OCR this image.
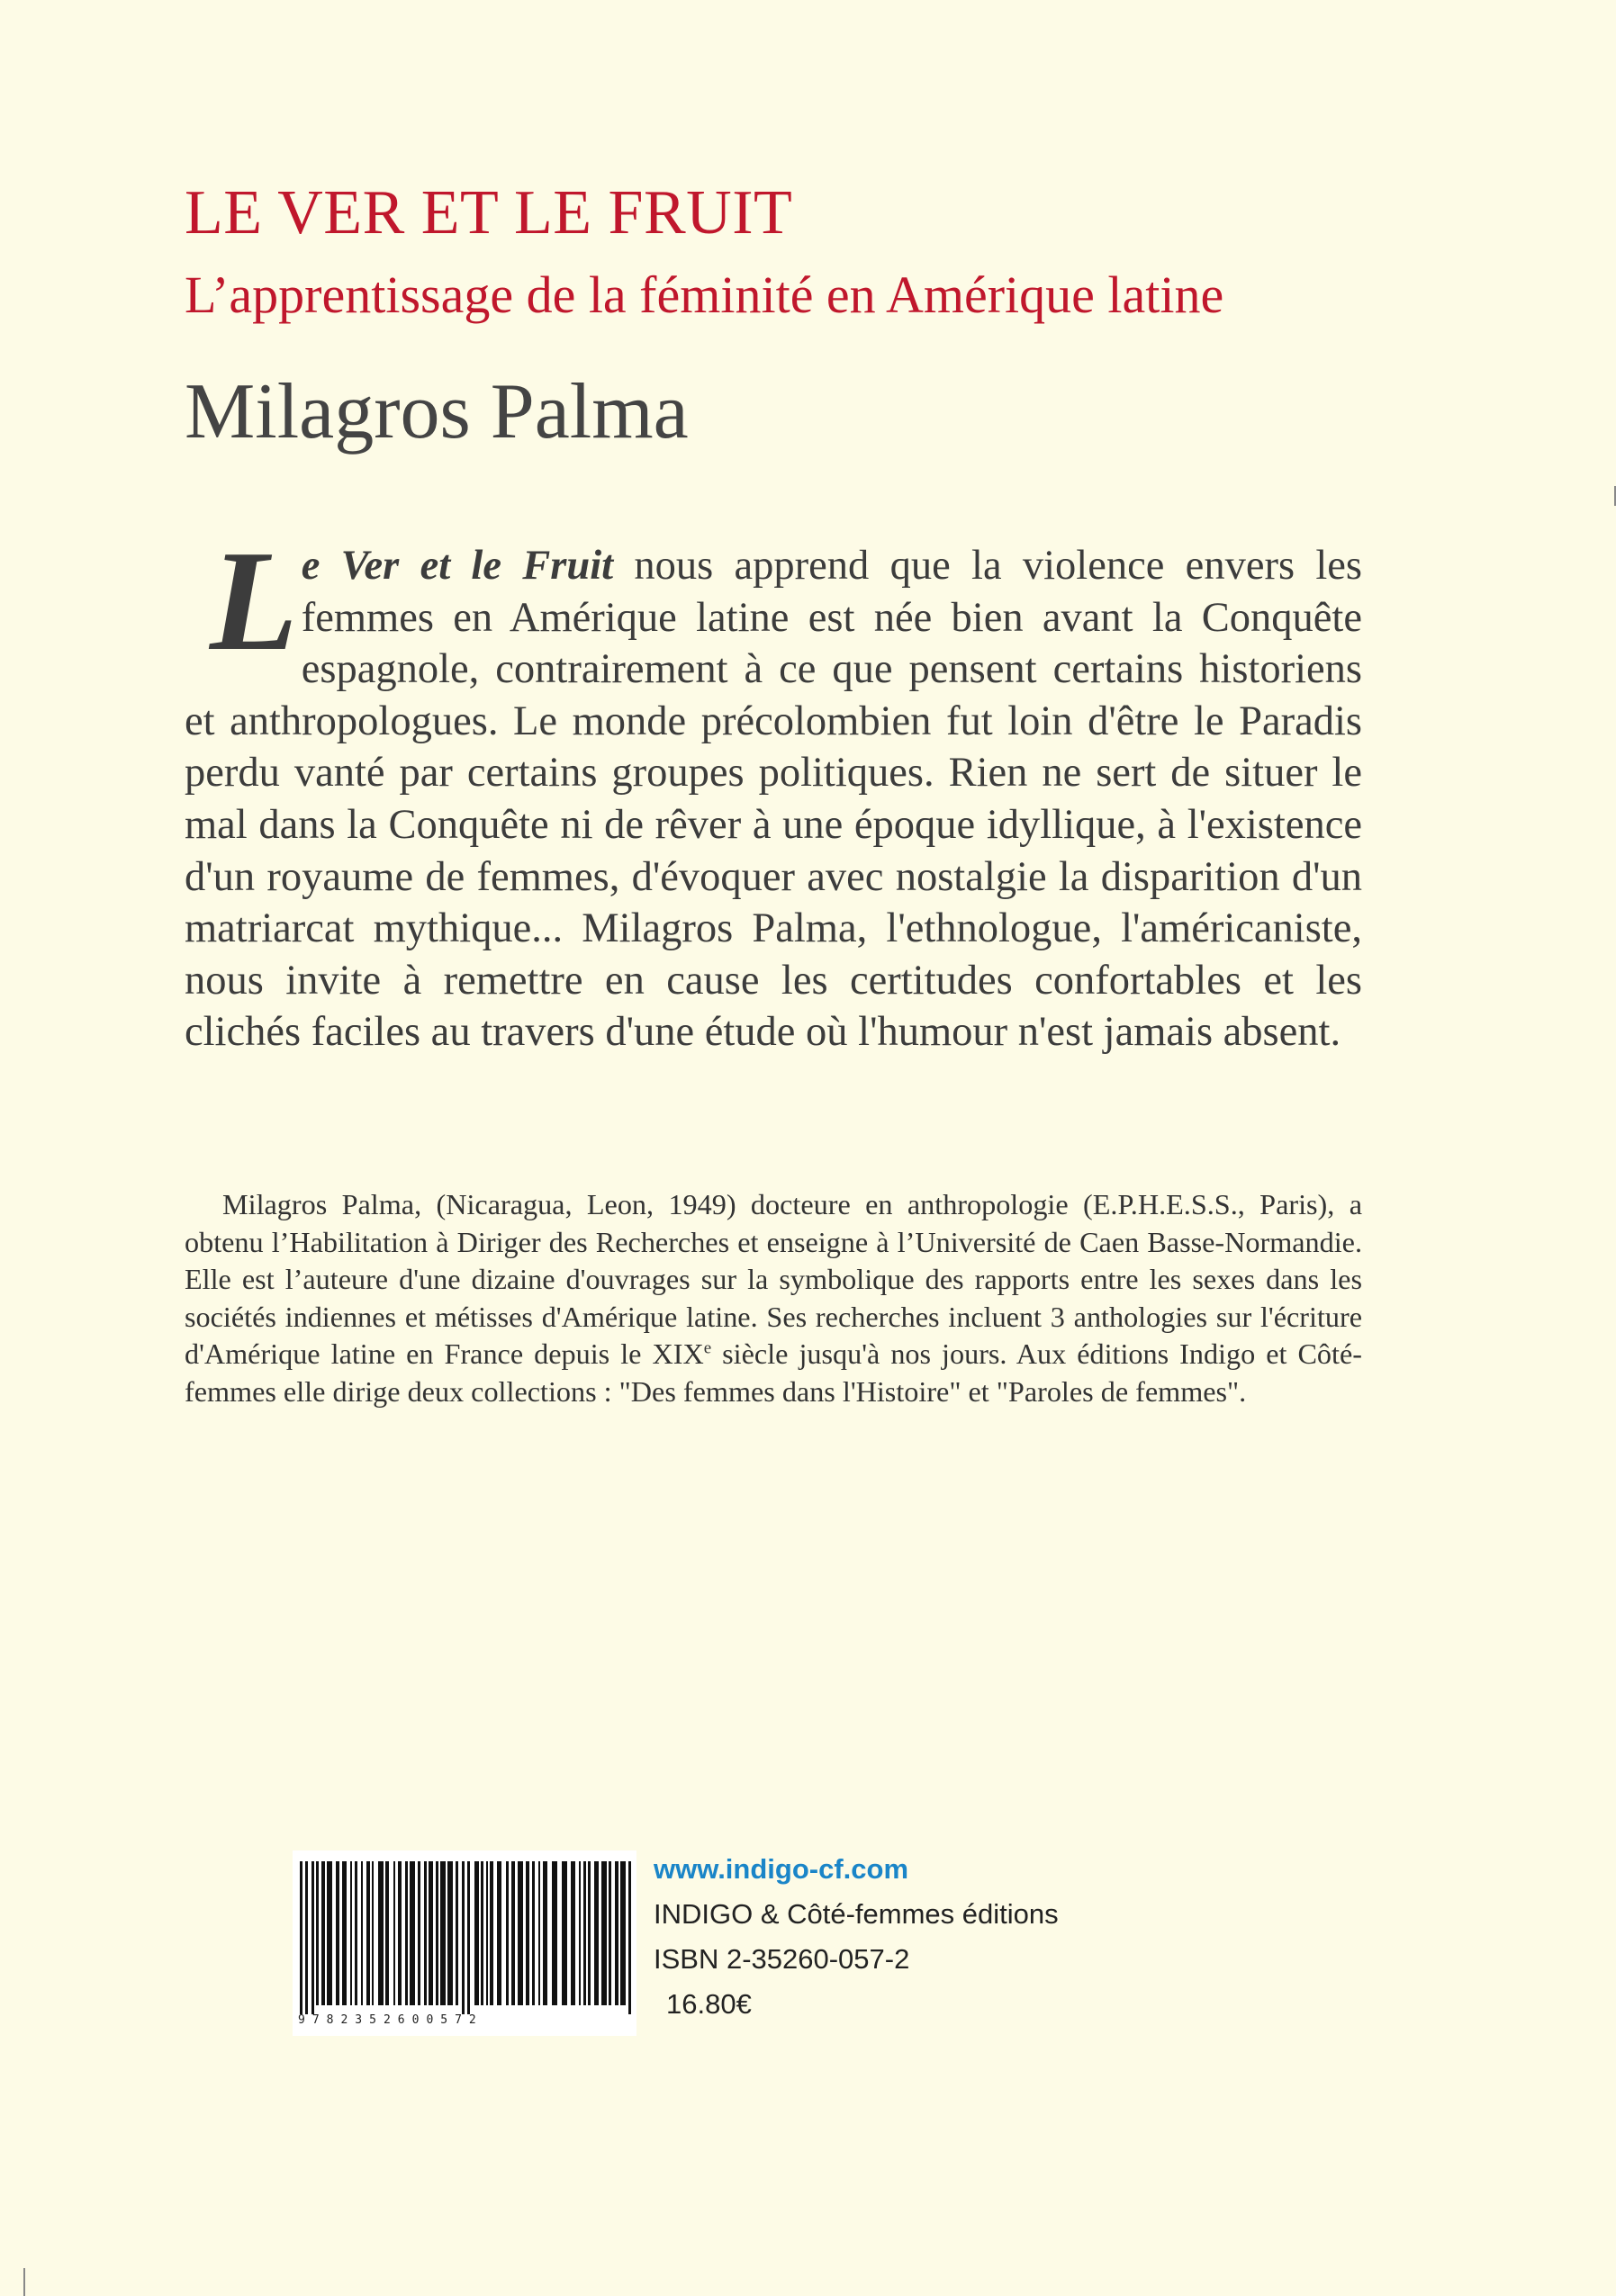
LE VER ET LE FRUIT
L’apprentissage de la féminité en Amérique latine
Milagros Palma
Le Ver et le Fruit nous apprend que la violence envers les femmes en Amérique latine est née bien avant la Conquête espagnole, contrairement à ce que pensent certains historiens et anthropologues. Le monde précolombien fut loin d'être le Paradis perdu vanté par certains groupes politiques. Rien ne sert de situer le mal dans la Conquête ni de rêver à une époque idyllique, à l'existence d'un royaume de femmes, d'évoquer avec nostalgie la disparition d'un matriarcat mythique... Milagros Palma, l'ethnologue, l'américaniste, nous invite à remettre en cause les certitudes confortables et les clichés faciles au travers d'une étude où l'humour n'est jamais absent.
Milagros Palma, (Nicaragua, Leon, 1949) docteure en anthropologie (E.P.H.E.S.S., Paris), a obtenu l’Habilitation à Diriger des Recherches et enseigne à l’Université de Caen Basse-Normandie. Elle est l’auteure d'une dizaine d'ouvrages sur la symbolique des rapports entre les sexes dans les sociétés indiennes et métisses d'Amérique latine. Ses recherches incluent 3 anthologies sur l'écriture d'Amérique latine en France depuis le XIXe siècle jusqu'à nos jours. Aux éditions Indigo et Côté-femmes elle dirige deux collections : "Des femmes dans l'Histoire" et "Paroles de femmes".
9782352600572
www.indigo-cf.com
INDIGO & Côté-femmes éditions
ISBN 2-35260-057-2
16.80€
